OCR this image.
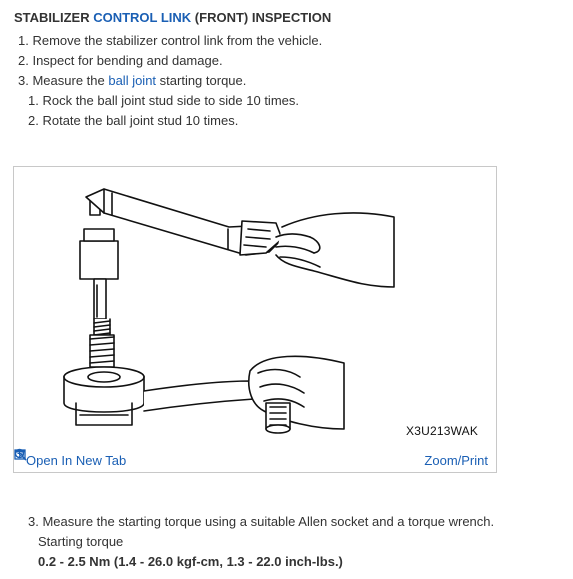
STABILIZER CONTROL LINK (FRONT) INSPECTION
1. Remove the stabilizer control link from the vehicle.
2. Inspect for bending and damage.
3. Measure the ball joint starting torque.
1. Rock the ball joint stud side to side 10 times.
2. Rotate the ball joint stud 10 times.
X3U213WAK
Open In New Tab	Zoom/Print
3. Measure the starting torque using a suitable Allen socket and a torque wrench.
Starting torque
0.2 - 2.5 Nm (1.4 - 26.0 kgf-cm, 1.3 - 22.0 inch-lbs.)
